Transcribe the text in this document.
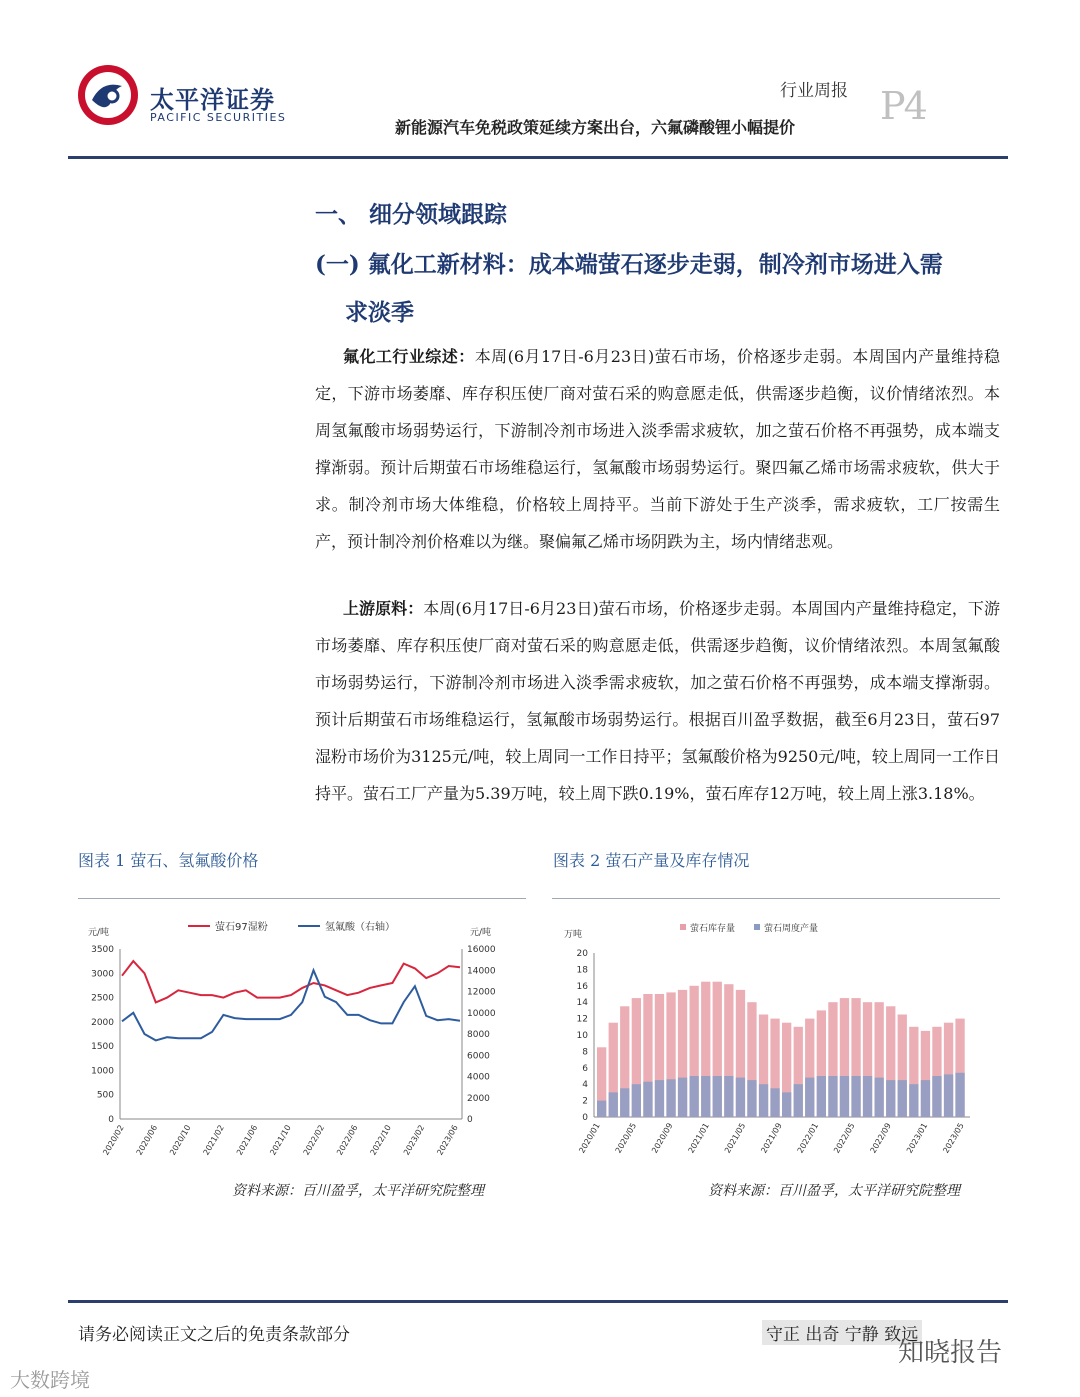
太平洋证券
PACIFIC SECURITIES
行业周报 P4
新能源汽车免税政策延续方案出台，六氟磷酸锂小幅提价
一、 细分领域跟踪
(一) 氟化工新材料：成本端萤石逐步走弱，制冷剂市场进入需
求淡季

氟化工行业综述：本周(6月17日-6月23日)萤石市场，价格逐步走弱。本周国内产量维持稳定，下游市场萎靡、库存积压使厂商对萤石采的购意愿走低，供需逐步趋衡，议价情绪浓烈。本周氢氟酸市场弱势运行，下游制冷剂市场进入淡季需求疲软，加之萤石价格不再强势，成本端支撑渐弱。预计后期萤石市场维稳运行，氢氟酸市场弱势运行。聚四氟乙烯市场需求疲软，供大于求。制冷剂市场大体维稳，价格较上周持平。当前下游处于生产淡季，需求疲软，工厂按需生产，预计制冷剂价格难以为继。聚偏氟乙烯市场阴跌为主，场内情绪悲观。

上游原料：本周(6月17日-6月23日)萤石市场，价格逐步走弱。本周国内产量维持稳定，下游市场萎靡、库存积压使厂商对萤石采的购意愿走低，供需逐步趋衡，议价情绪浓烈。本周氢氟酸市场弱势运行，下游制冷剂市场进入淡季需求疲软，加之萤石价格不再强势，成本端支撑渐弱。预计后期萤石市场维稳运行，氢氟酸市场弱势运行。根据百川盈孚数据，截至6月23日，萤石97湿粉市场价为3125元/吨，较上周同一工作日持平；氢氟酸价格为9250元/吨，较上周同一工作日持平。萤石工厂产量为5.39万吨，较上周下跌0.19%，萤石库存12万吨，较上周上涨3.18%。

图表 1 萤石、氢氟酸价格	图表 2 萤石产量及库存情况
元/吨	元/吨
0
500
1000
1500
2000
2500
3000
3500
0
2000
4000
6000
8000
10000
12000
14000
16000
2020/02 2020/06 2020/10 2021/02 2021/06 2021/10 2022/02 2022/06 2022/10 2023/02 2023/06
萤石97湿粉	氢氟酸（右轴）
万吨
0
2
4
6
8
10
12
14
16
18
20
2020/01 2020/05 2020/09 2021/01 2021/05 2021/09 2022/01 2022/05 2022/09 2023/01 2023/05
萤石库存量	萤石周度产量
资料来源：百川盈孚，太平洋研究院整理	资料来源：百川盈孚，太平洋研究院整理
请务必阅读正文之后的免责条款部分	守正 出奇 宁静 致远
大数跨境
知晓报告
